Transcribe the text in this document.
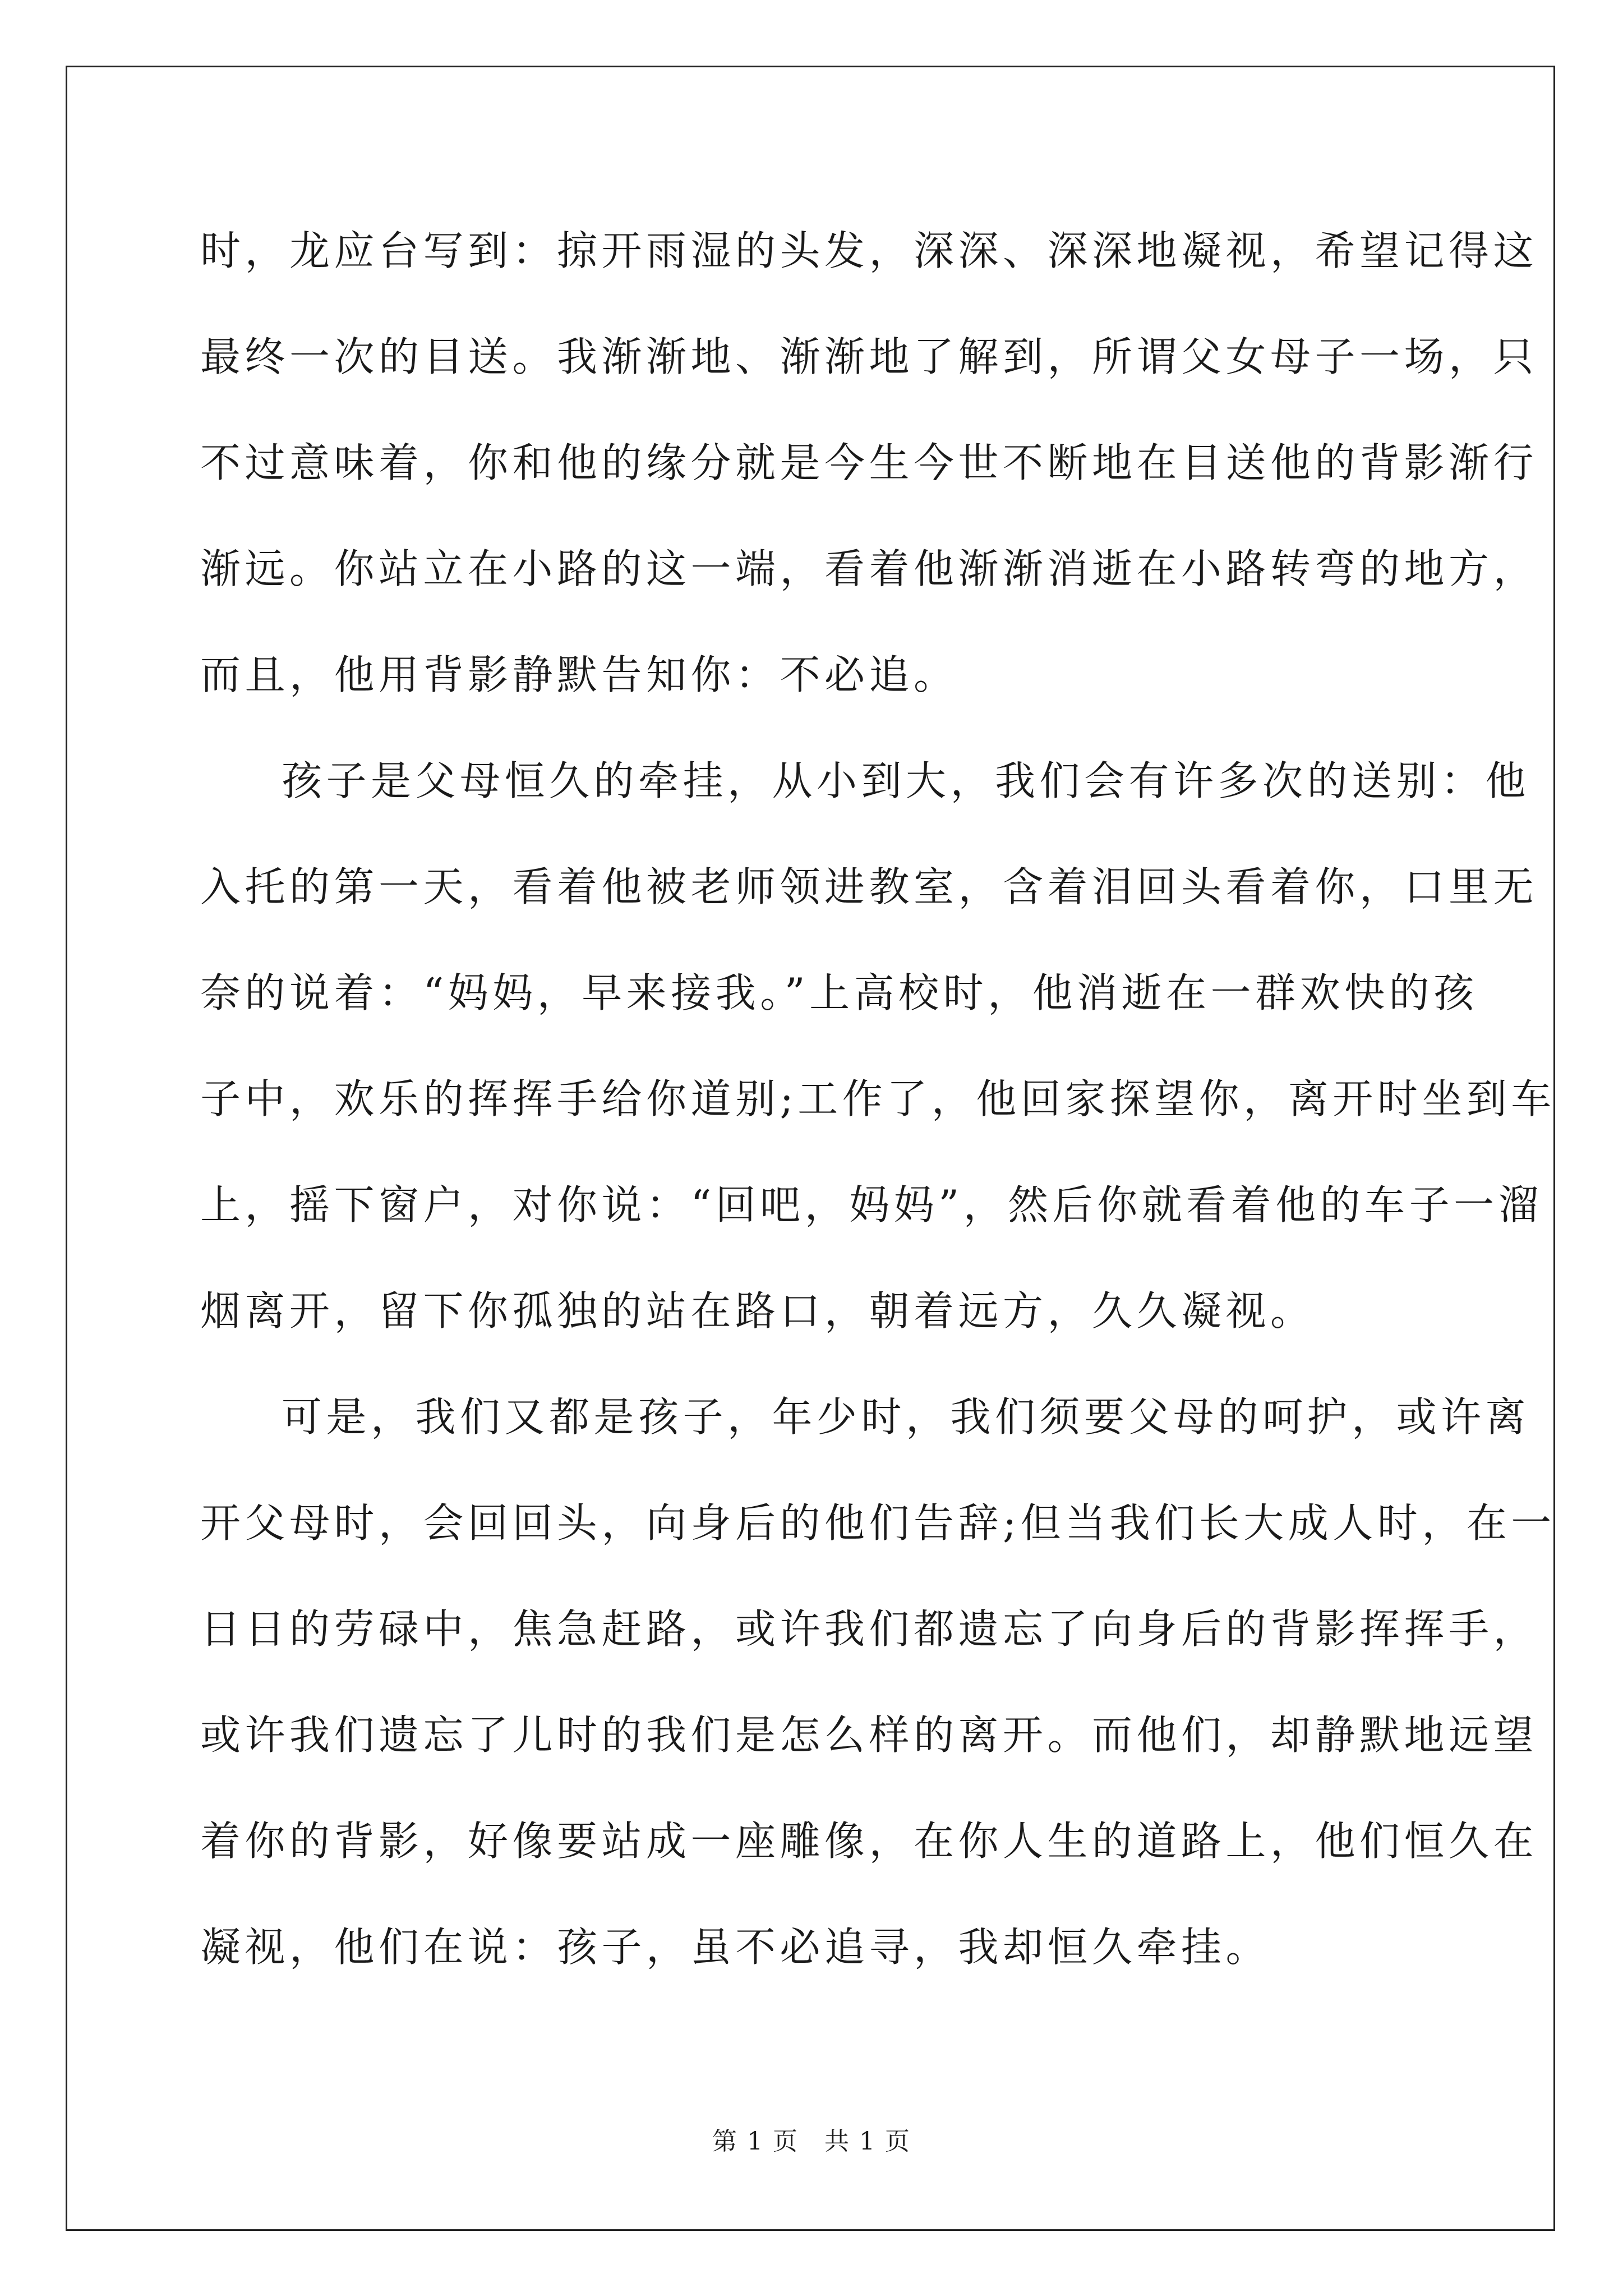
时，龙应台写到：掠开雨湿的头发，深深、深深地凝视，希望记得这
最终一次的目送。我渐渐地、渐渐地了解到，所谓父女母子一场，只
不过意味着，你和他的缘分就是今生今世不断地在目送他的背影渐行
渐远。你站立在小路的这一端，看着他渐渐消逝在小路转弯的地方，
而且，他用背影静默告知你：不必追。
孩子是父母恒久的牵挂，从小到大，我们会有许多次的送别：他
入托的第一天，看着他被老师领进教室，含着泪回头看着你，口里无
奈的说着：“妈妈，早来接我。”上高校时，他消逝在一群欢快的孩
子中，欢乐的挥挥手给你道别;工作了，他回家探望你，离开时坐到车
上，摇下窗户，对你说：“回吧，妈妈”，然后你就看着他的车子一溜
烟离开，留下你孤独的站在路口，朝着远方，久久凝视。
可是，我们又都是孩子，年少时，我们须要父母的呵护，或许离
开父母时，会回回头，向身后的他们告辞;但当我们长大成人时，在一
日日的劳碌中，焦急赶路，或许我们都遗忘了向身后的背影挥挥手，
或许我们遗忘了儿时的我们是怎么样的离开。而他们，却静默地远望
着你的背影，好像要站成一座雕像，在你人生的道路上，他们恒久在
凝视，他们在说：孩子，虽不必追寻，我却恒久牵挂。
第 1 页　共 1 页
